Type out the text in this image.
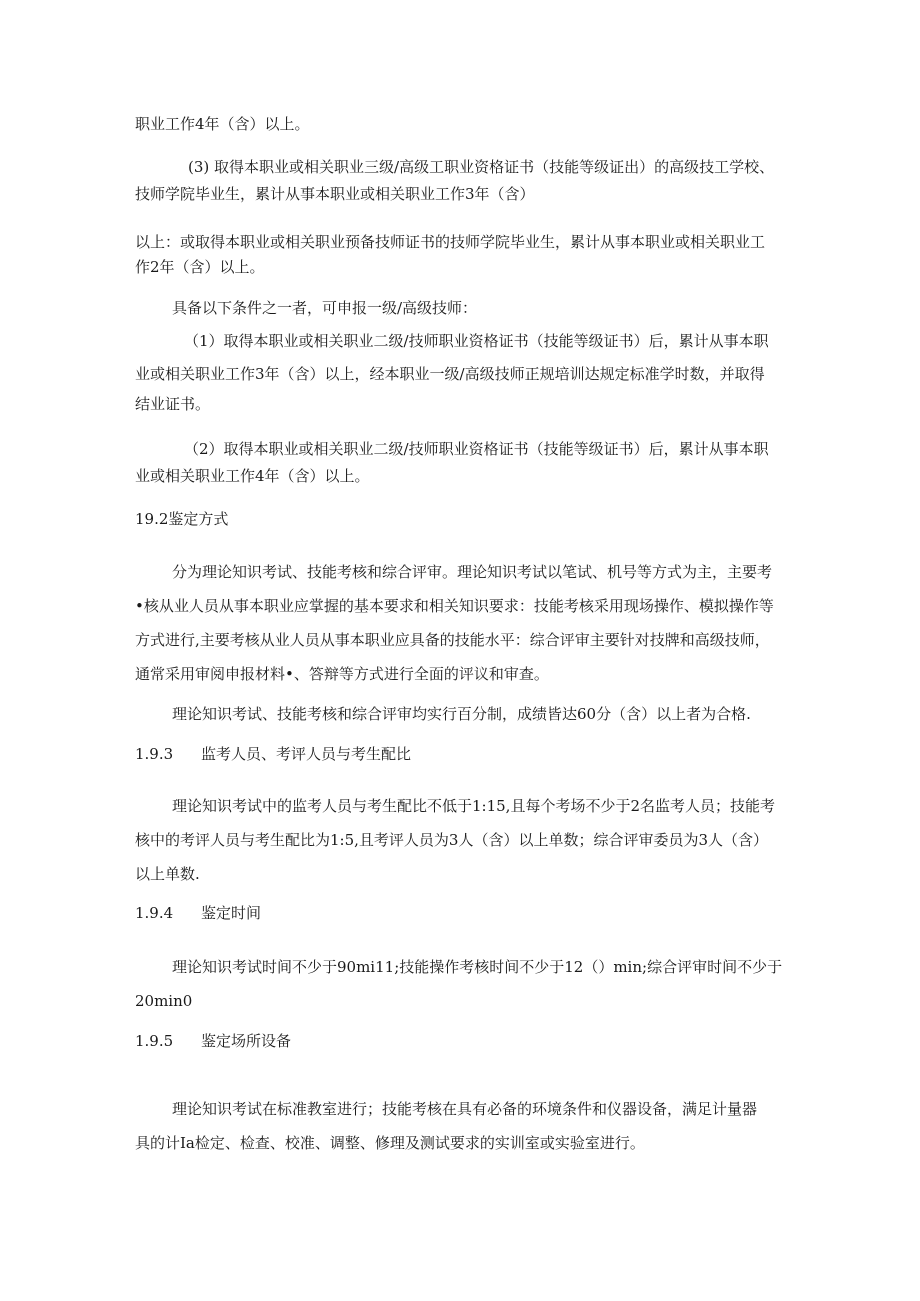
职业工作4年（含）以上。

(3) 取得本职业或相关职业三级/高级工职业资格证书（技能等级证出）的高级技工学校、

技师学院毕业生，累计从事本职业或相关职业工作3年（含）

以上：或取得本职业或相关职业预备技师证书的技师学院毕业生，累计从事本职业或相关职业工

作2年（含）以上。

具备以下条件之一者，可申报一级/高级技师：

（1）取得本职业或相关职业二级/技师职业资格证书（技能等级证书）后，累计从事本职

业或相关职业工作3年（含）以上，经本职业一级/高级技师正规培训达规定标准学时数，并取得

结业证书。

（2）取得本职业或相关职业二级/技师职业资格证书（技能等级证书）后，累计从事本职

业或相关职业工作4年（含）以上。

19.2鉴定方式

分为理论知识考试、技能考核和综合评审。理论知识考试以笔试、机号等方式为主，主要考

•核从业人员从事本职业应掌握的基本要求和相关知识要求：技能考核采用现场操作、模拟操作等

方式进行,主要考核从业人员从事本职业应具备的技能水平：综合评审主要针对技牌和高级技师，

通常采用审阅申报材料•、答辩等方式进行全面的评议和审查。

理论知识考试、技能考核和综合评审均实行百分制，成绩皆达60分（含）以上者为合格.

1.9.3 监考人员、考评人员与考生配比

理论知识考试中的监考人员与考生配比不低于1:15,且每个考场不少于2名监考人员；技能考

核中的考评人员与考生配比为1:5,且考评人员为3人（含）以上单数；综合评审委员为3人（含）

以上单数.

1.9.4 鉴定时间

理论知识考试时间不少于90mi11;技能操作考核时间不少于12（）min;综合评审时间不少于

20min0

1.9.5 鉴定场所设备

理论知识考试在标准教室进行；技能考核在具有必备的环境条件和仪器设备，满足计量器

具的计Ia检定、检查、校准、调整、修理及测试要求的实训室或实验室进行。
